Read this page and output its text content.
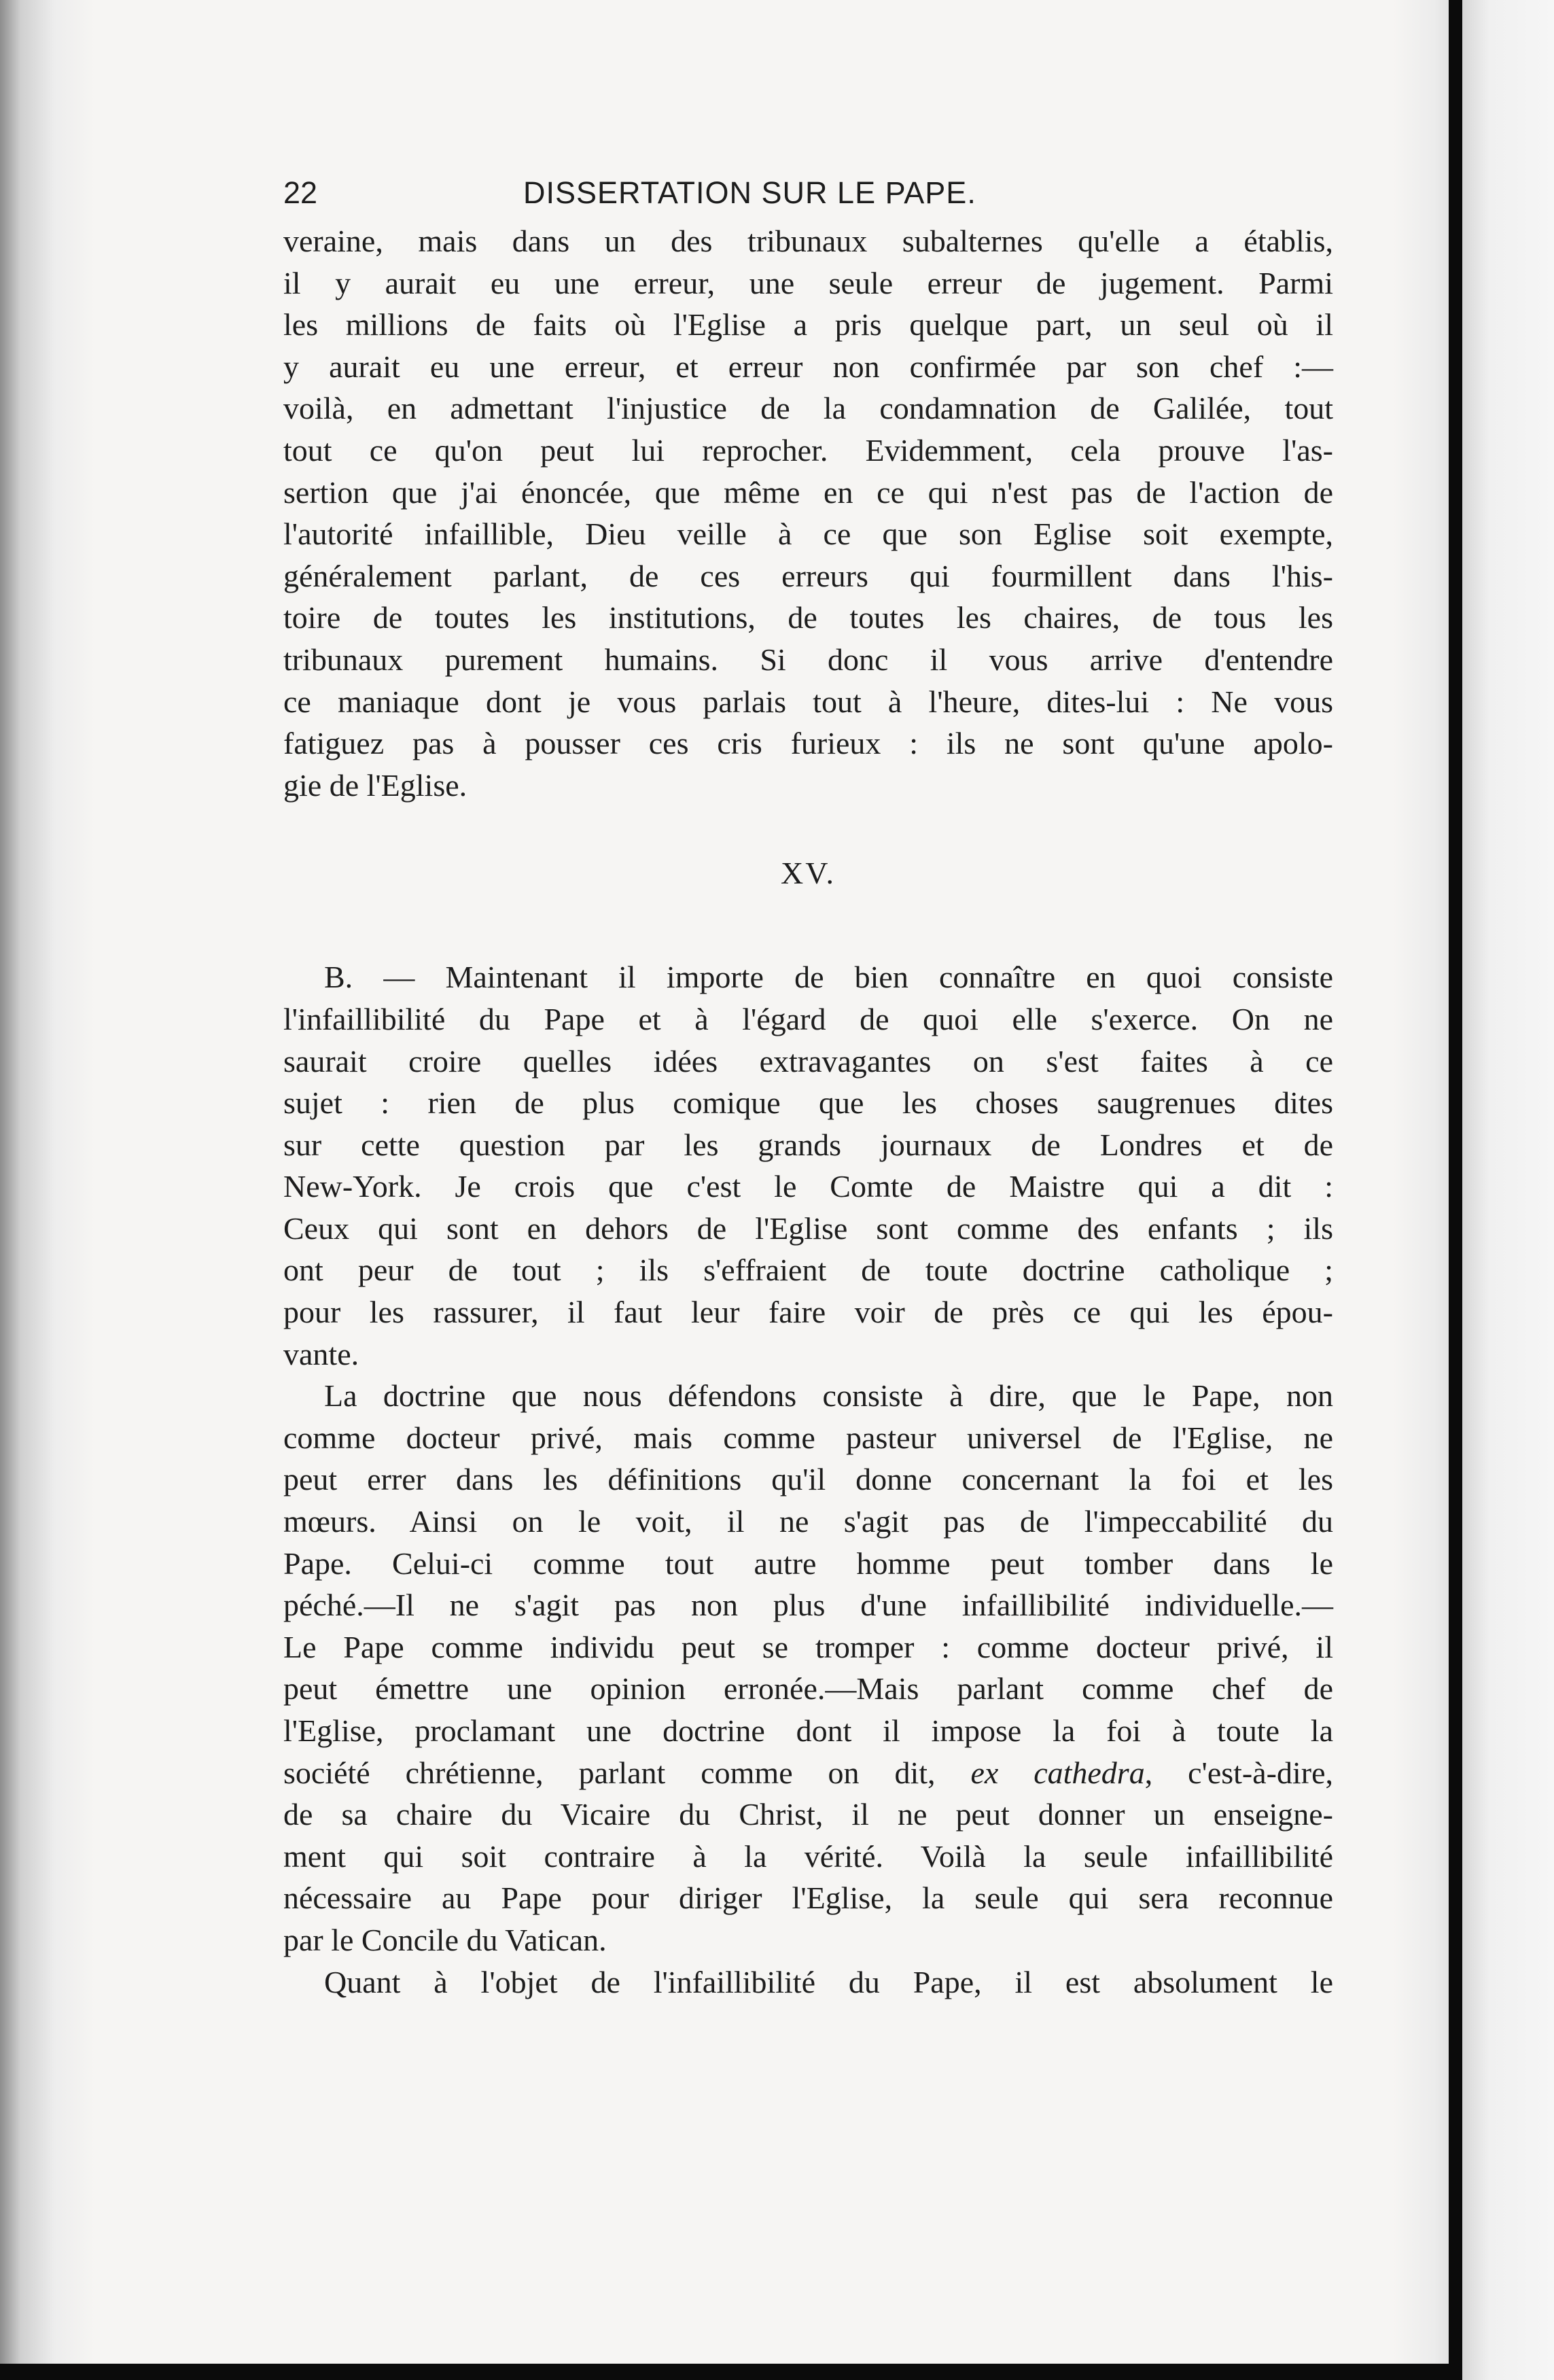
22	DISSERTATION SUR LE PAPE.
veraine, mais dans un des tribunaux subalternes qu'elle a établis,
il y aurait eu une erreur, une seule erreur de jugement. Parmi
les millions de faits où l'Eglise a pris quelque part, un seul où il
y aurait eu une erreur, et erreur non confirmée par son chef :—
voilà, en admettant l'injustice de la condamnation de Galilée, tout
tout ce qu'on peut lui reprocher. Evidemment, cela prouve l'as-
sertion que j'ai énoncée, que même en ce qui n'est pas de l'action de
l'autorité infaillible, Dieu veille à ce que son Eglise soit exempte,
généralement parlant, de ces erreurs qui fourmillent dans l'his-
toire de toutes les institutions, de toutes les chaires, de tous les
tribunaux purement humains. Si donc il vous arrive d'entendre
ce maniaque dont je vous parlais tout à l'heure, dites-lui : Ne vous
fatiguez pas à pousser ces cris furieux : ils ne sont qu'une apolo-
gie de l'Eglise.
XV.
B. — Maintenant il importe de bien connaître en quoi consiste
l'infaillibilité du Pape et à l'égard de quoi elle s'exerce. On ne
saurait croire quelles idées extravagantes on s'est faites à ce
sujet : rien de plus comique que les choses saugrenues dites
sur cette question par les grands journaux de Londres et de
New-York. Je crois que c'est le Comte de Maistre qui a dit :
Ceux qui sont en dehors de l'Eglise sont comme des enfants ; ils
ont peur de tout ; ils s'effraient de toute doctrine catholique ;
pour les rassurer, il faut leur faire voir de près ce qui les épou-
vante.
La doctrine que nous défendons consiste à dire, que le Pape, non
comme docteur privé, mais comme pasteur universel de l'Eglise, ne
peut errer dans les définitions qu'il donne concernant la foi et les
mœurs. Ainsi on le voit, il ne s'agit pas de l'impeccabilité du
Pape. Celui-ci comme tout autre homme peut tomber dans le
péché.—Il ne s'agit pas non plus d'une infaillibilité individuelle.—
Le Pape comme individu peut se tromper : comme docteur privé, il
peut émettre une opinion erronée.—Mais parlant comme chef de
l'Eglise, proclamant une doctrine dont il impose la foi à toute la
société chrétienne, parlant comme on dit, ex cathedra, c'est-à-dire,
de sa chaire du Vicaire du Christ, il ne peut donner un enseigne-
ment qui soit contraire à la vérité. Voilà la seule infaillibilité
nécessaire au Pape pour diriger l'Eglise, la seule qui sera reconnue
par le Concile du Vatican.
Quant à l'objet de l'infaillibilité du Pape, il est absolument le
